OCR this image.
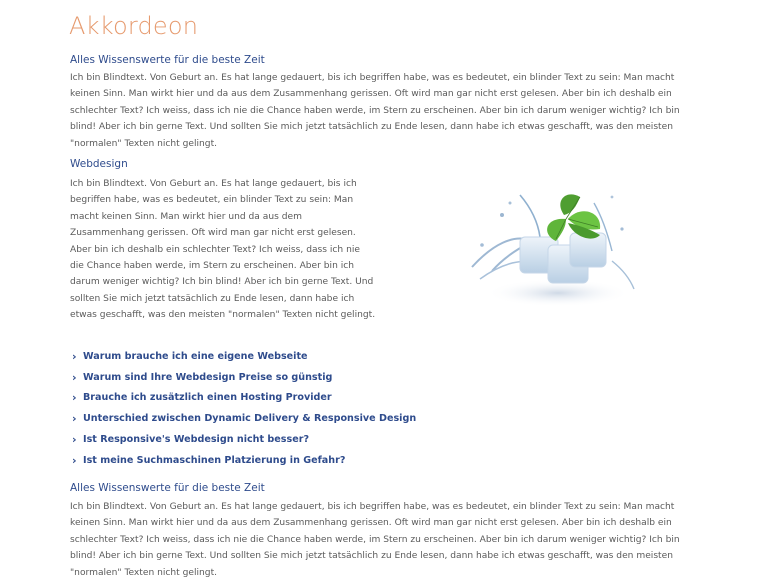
Akkordeon
Alles Wissenswerte für die beste Zeit

Ich bin Blindtext. Von Geburt an. Es hat lange gedauert, bis ich begriffen habe, was es bedeutet, ein blinder Text zu sein: Man macht keinen Sinn. Man wirkt hier und da aus dem Zusammenhang gerissen. Oft wird man gar nicht erst gelesen. Aber bin ich deshalb ein schlechter Text? Ich weiss, dass ich nie die Chance haben werde, im Stern zu erscheinen. Aber bin ich darum weniger wichtig? Ich bin blind! Aber ich bin gerne Text. Und sollten Sie mich jetzt tatsächlich zu Ende lesen, dann habe ich etwas geschafft, was den meisten "normalen" Texten nicht gelingt.

Webdesign

Ich bin Blindtext. Von Geburt an. Es hat lange gedauert, bis ich begriffen habe, was es bedeutet, ein blinder Text zu sein: Man macht keinen Sinn. Man wirkt hier und da aus dem Zusammenhang gerissen. Oft wird man gar nicht erst gelesen. Aber bin ich deshalb ein schlechter Text? Ich weiss, dass ich nie die Chance haben werde, im Stern zu erscheinen. Aber bin ich darum weniger wichtig? Ich bin blind! Aber ich bin gerne Text. Und sollten Sie mich jetzt tatsächlich zu Ende lesen, dann habe ich etwas geschafft, was den meisten "normalen" Texten nicht gelingt.

› Warum brauche ich eine eigene Webseite
› Warum sind Ihre Webdesign Preise so günstig
› Brauche ich zusätzlich einen Hosting Provider
› Unterschied zwischen Dynamic Delivery & Responsive Design
› Ist Responsive's Webdesign nicht besser?
› Ist meine Suchmaschinen Platzierung in Gefahr?
Alles Wissenswerte für die beste Zeit

Ich bin Blindtext. Von Geburt an. Es hat lange gedauert, bis ich begriffen habe, was es bedeutet, ein blinder Text zu sein: Man macht keinen Sinn. Man wirkt hier und da aus dem Zusammenhang gerissen. Oft wird man gar nicht erst gelesen. Aber bin ich deshalb ein schlechter Text? Ich weiss, dass ich nie die Chance haben werde, im Stern zu erscheinen. Aber bin ich darum weniger wichtig? Ich bin blind! Aber ich bin gerne Text. Und sollten Sie mich jetzt tatsächlich zu Ende lesen, dann habe ich etwas geschafft, was den meisten "normalen" Texten nicht gelingt.
